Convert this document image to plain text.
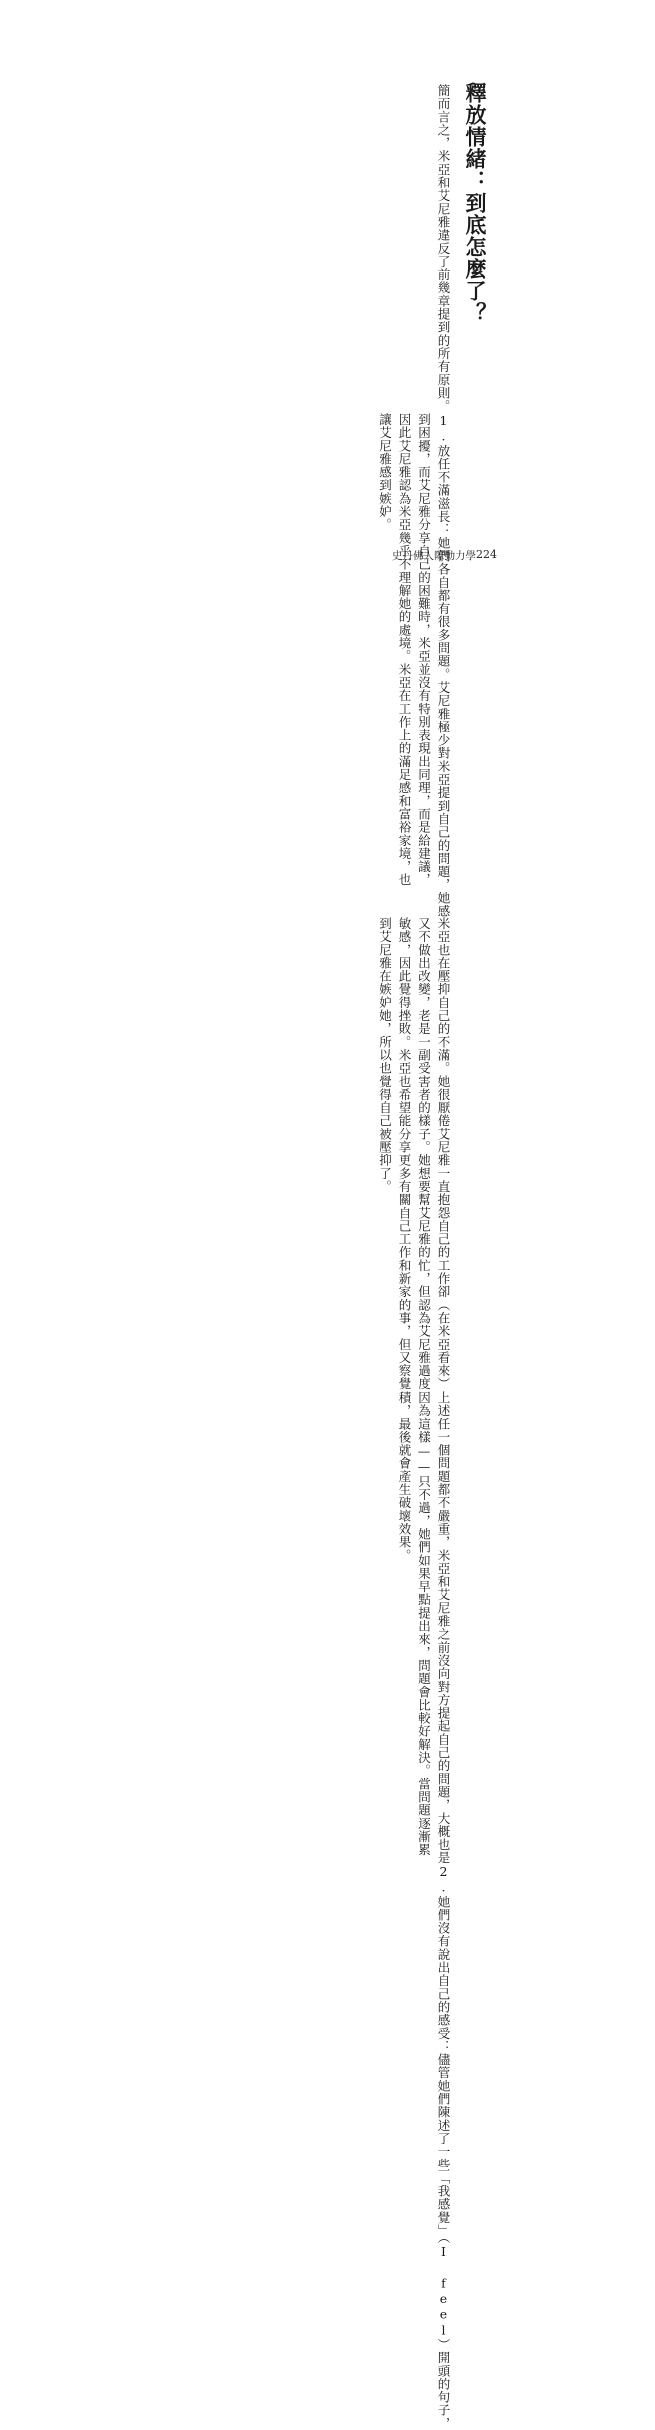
釋放情緒：到底怎麼了？

簡而言之，米亞和艾尼雅違反了前幾章提到的所有原則。

1.放任不滿滋長：她們各自都有很多問題。艾尼雅極少對米亞提到自己的問題，她感
到困擾，而艾尼雅分享自己的困難時，米亞並沒有特別表現出同理，而是給建議，
因此艾尼雅認為米亞幾乎不理解她的處境。米亞在工作上的滿足感和富裕家境，也
讓艾尼雅感到嫉妒。

米亞也在壓抑自己的不滿。她很厭倦艾尼雅一直抱怨自己的工作卻（在米亞看來）
又不做出改變，老是一副受害者的樣子。她想要幫艾尼雅的忙，但認為艾尼雅過度
敏感，因此覺得挫敗。米亞也希望能分享更多有關自己工作和新家的事，但又察覺
到艾尼雅在嫉妒她，所以也覺得自己被壓抑了。

上述任一個問題都不嚴重，米亞和艾尼雅之前沒向對方提起自己的問題，大概也是
因為這樣——只不過，她們如果早點提出來，問題會比較好解決。當問題逐漸累
積，最後就會產生破壞效果。

2.她們沒有說出自己的感受：儘管她們陳述了一些「我感覺」（I feel）開頭的句子，

史丹佛人際動力學 224
